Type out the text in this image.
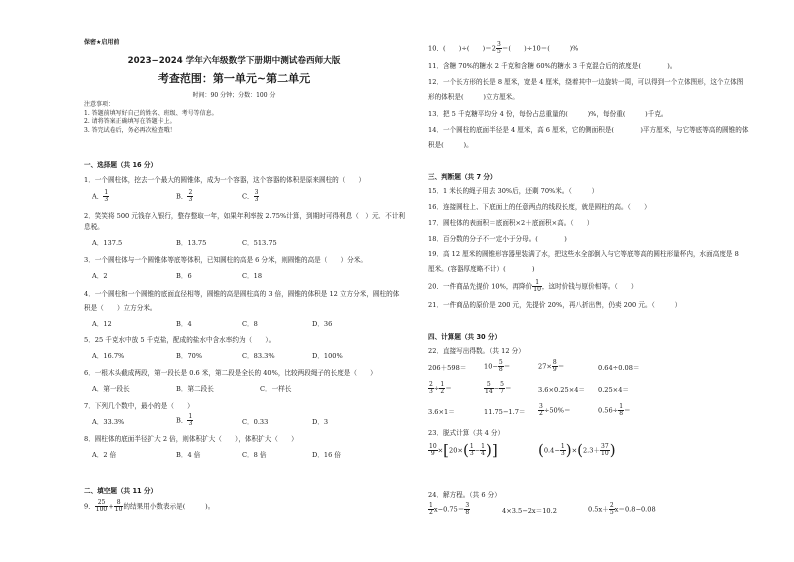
保密★启用前
2023−2024 学年六年级数学下册期中测试卷西师大版
考查范围：第一单元~第二单元
时间：90 分钟；分数：100 分
注意事项：
1. 答题前填写好自己的姓名、班级、考号等信息。
2. 请将答案正确填写在答题卡上。
3. 答完试卷后，务必再次检查哦！
一、选择题（共 16 分）
1．一个圆柱体，挖去一个最大的圆锥体，成为一个容器，这个容器的体积是原来圆柱的（　　）
A． $\frac{1}{3}$	B． $\frac{2}{3}$	C． $\frac{3}{3}$
2．笑笑将 500 元钱存入银行，整存整取一年，如果年利率按 2.75%计算，到期时可得利息（　）元．不计利
息税。
A．137.5	B．13.75	C．513.75
3．一个圆柱体与一个圆锥体等底等体积，已知圆柱的高是 6 分米，则圆锥的高是（　　）分米。
A．2	B．6	C．18
4．一个圆柱和一个圆锥的底面直径相等，圆锥的高是圆柱高的 3 倍，圆锥的体积是 12 立方分米，圆柱的体
积是（　　）立方分米。
A．12	B．4	C．8	D．36
5．25 千克水中放 5 千克盐，配成的盐水中含水率约为（　　）。
A．16.7%	B．70%	C．83.3%	D．100%
6．一根木头截成两段，第一段长是 0.6 米，第二段是全长的 40%，比较两段绳子的长度是（　　）
A．第一段长	B．第二段长	C．一样长
7．下列几个数中，最小的是（　　）
A．33.3%	B． $\frac{1}{3}$	C．0.33	D．3
8．圆柱体的底面半径扩大 2 倍，则体积扩大（　　），体积扩大（　　）
A．2 倍	B．4 倍	C．8 倍	D．16 倍
二、填空题（共 11 分）
9． $\frac{25}{100} + \frac{8}{10}$ 的结果用小数表示是(　　　)。
10．(　　)÷(　　)$=2 \frac{3}{5}$ ＝(　　)÷10＝(　　　)%
11．含糖 70%的糖水 2 千克和含糖 60%的糖水 3 千克混合后的浓度是(　　　　)。
12．一个长方形的长是 8 厘米，宽是 4 厘米，绕着其中一边旋转一周，可以得到一个立体图形，这个立体图
形的体积是(　　　)立方厘米。
13．把 5 千克糖平均分 4 份，每份占总重量的(　　　)%，每份重(　　　)千克。
14．一个圆柱的底面半径是 4 厘米，高 6 厘米，它的侧面积是(　　　　)平方厘米，与它等底等高的圆锥的体
积是(　　　)。
三、判断题（共 7 分）
15．1 米长的绳子用去 30%后，还剩 70%米。（　　　）
16．连接圆柱上、下底面上的任意两点的线段长度，就是圆柱的高。（　　）
17．圆柱体的表面积＝底面积×2＋底面积×高。（　　）
18．百分数的分子不一定小于分母。(　　　　)
19．高 12 厘米的圆锥形容器里装满了水，把这些水全部倒入与它等底等高的圆柱形量杯内，水面高度是 8
厘米。(容器厚度略不计）(　　　　)
20．一件商品先提价 10%，再降价 $\frac{1}{10}$ ，这时价钱与原价相等。（　　）
21．一件商品的原价是 200 元，先提价 20%，再八折出售，仍卖 200 元。（　　　）
四、计算题（共 30 分）
22．直接写出得数。（共 12 分）
206＋598＝	$10- \frac{5}{8}$ ＝	$27\times \frac{8}{9}$ ＝	0.64÷0.08＝
$\frac{2}{3} \div \frac{1}{2}$ ＝	$\frac{5}{14} - \frac{5}{7}$ ＝	3.6×0.25×4＝ 0.25×4＝
3.6×1＝	$11.75-1.7= \frac{3}{2} \div 50\%=$	$0.56\div \frac{1}{8}$ ＝
23．脱式计算（共 4 分）
$\frac{10}{9} \times[20\times( \frac{1}{3} - \frac{1}{4}$ )]	$(0.4- \frac{1}{3} )\times(2.3+ \frac{37}{10}$ )
24．解方程。（共 6 分）
$\frac{1}{2} x-0.75= \frac{3}{8}$	4×3.5−2x＝10.2	$0.5x+ \frac{2}{5} x=0.8-0.08$
